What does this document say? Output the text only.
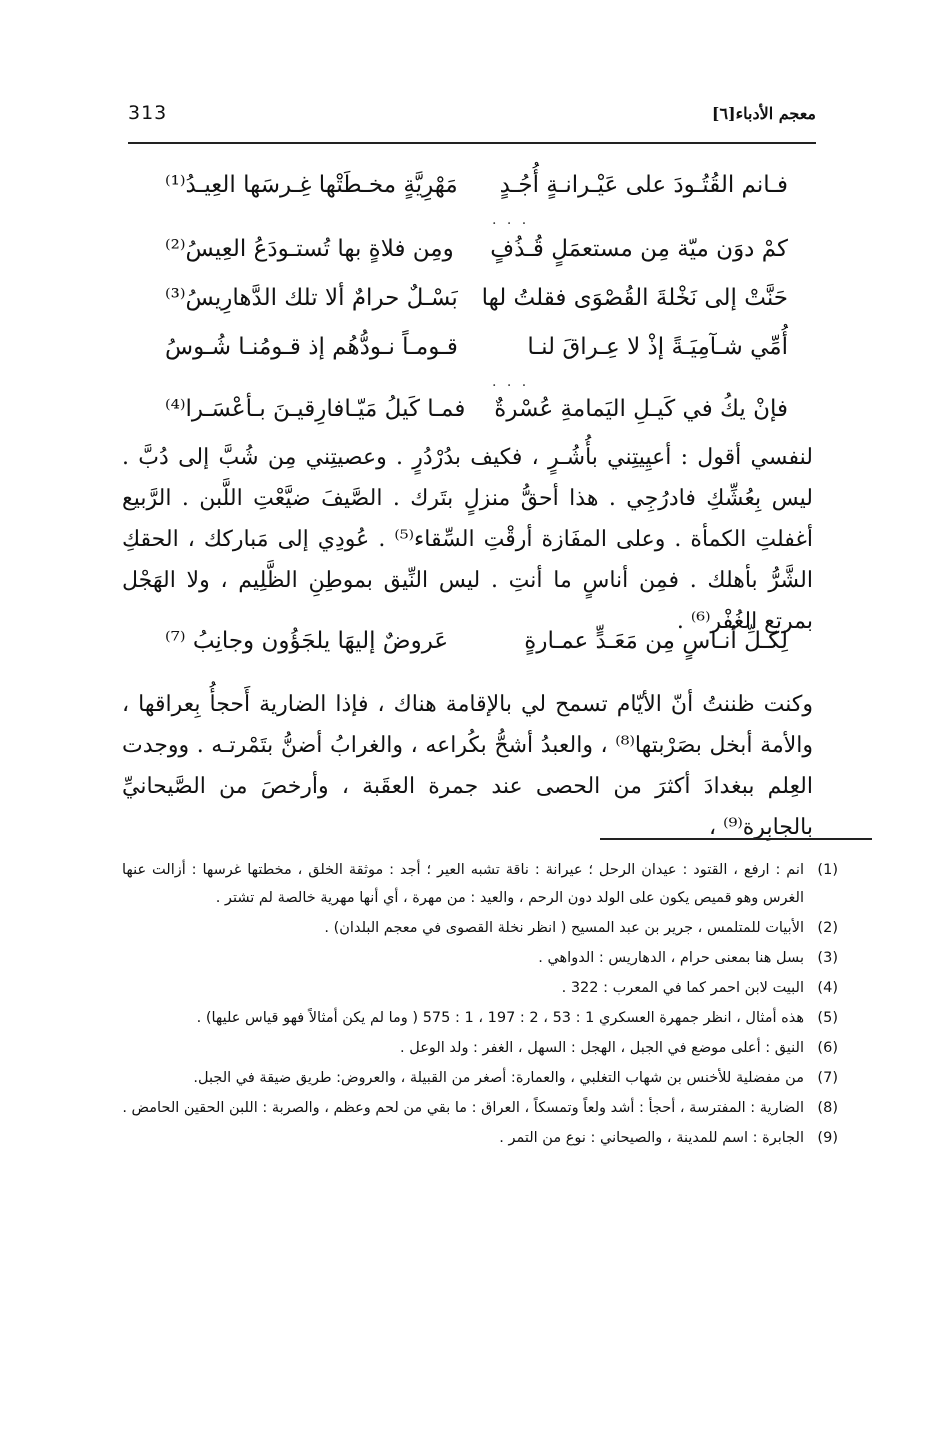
313	معجم الأدباء[٦]
فـانم القُتُـودَ على عَيْـرانـةٍ أُجُـدٍ
مَهْرِيَّةٍ مخـطَتْها غِـرسَها العِيـدُ⁽¹⁾
. . .
كمْ دوَن ميّة مِن مستعمَلٍ قُـذُفٍ
ومِن فلاةٍ بها تُستـودَعُ العِيسُ⁽²⁾
حَنَّتْ إلى نَخْلةَ القُصْوَى فقلتُ لها
بَسْـلٌ حرامٌ ألا تلك الدَّهارِيسُ⁽³⁾
أُمِّي شـآمِيَـةً إذْ لا عِـراقَ لنـا
قـومـاً نـودُّهُم إذ قـومُنـا شُـوسُ
. . .
فإنْ يكُ في كَيـلِ اليَمامةِ عُسْرةٌ
فمـا كَيلُ مَيّـافارِقيـنَ بـأعْسَـرا⁽⁴⁾

لنفسي أقول : أعيِيتِني بأُشُـرٍ ، فكيف بدُرْدُرٍ . وعصيتِني مِن شُبَّ إلى دُبَّ . ليس بِعُشِّكِ فادرُجِي . هذا أحقُّ منزلٍ بتَرك . الصَّيفَ ضيَّعْتِ اللَّبن . الرَّبيع أغفلتِ الكمأة . وعلى المفَازة أرقْتِ السِّقاء⁽⁵⁾ . عُودِي إلى مَباركك ، الحقكِ الشَّرُّ بأهلك . فمِن أناسٍ ما أنتِ . ليس النِّيق بموطِنِ الظَّلِيم ، ولا الهَجْل بمرتع الغُفْر⁽⁶⁾ .

لِكـلِّ أنـاسٍ مِن مَعَـدٍّ عمـارةٍ
عَروضٌ إليهَا يلجَؤُون وجانِبُ ⁽⁷⁾

وكنت ظننتُ أنّ الأيّام تسمح لي بالإقامة هناك ، فإذا الضارية أَحجأُ بِعراقها ، والأمة أبخل بصَرْبتها⁽⁸⁾ ، والعبدُ أشحُّ بكُراعه ، والغرابُ أضنُّ بتَمْرتـه . ووجدت العِلم ببغدادَ أكثرَ من الحصى عند جمرة العقَبة ، وأرخصَ من الصَّيحانيِّ بالجابِرة⁽⁹⁾ ،

(1)
انم : ارفع ، القتود : عيدان الرحل ؛ عيرانة : ناقة تشبه العير ؛ أجد : موثقة الخلق ، مخطتها غرسها : أزالت عنها الغرس وهو قميص يكون على الولد دون الرحم ، والعيد : من مهرة ، أي أنها مهرية خالصة لم تشتر .

(2)
الأبيات للمتلمس ، جرير بن عبد المسيح ( انظر نخلة القصوى في معجم البلدان) .

(3)
بسل هنا بمعنى حرام ، الدهاريس : الدواهي .

(4)
البيت لابن احمر كما في المعرب : 322 .

(5)
هذه أمثال ، انظر جمهرة العسكري 1 : 53 ، 2 : 197 ، 1 : 575 ( وما لم يكن أمثالاً فهو قياس عليها) .

(6)
النيق : أعلى موضع في الجبل ، الهجل : السهل ، الغفر : ولد الوعل .

(7)
من مفضلية للأخنس بن شهاب التغلبي ، والعمارة: أصغر من القبيلة ، والعروض: طريق ضيقة في الجبل.

(8)
الضارية : المفترسة ، أحجأ : أشد ولعاً وتمسكاً ، العراق : ما بقي من لحم وعظم ، والصربة : اللبن الحقين الحامض .

(9)
الجابرة : اسم للمدينة ، والصيحاني : نوع من التمر .
